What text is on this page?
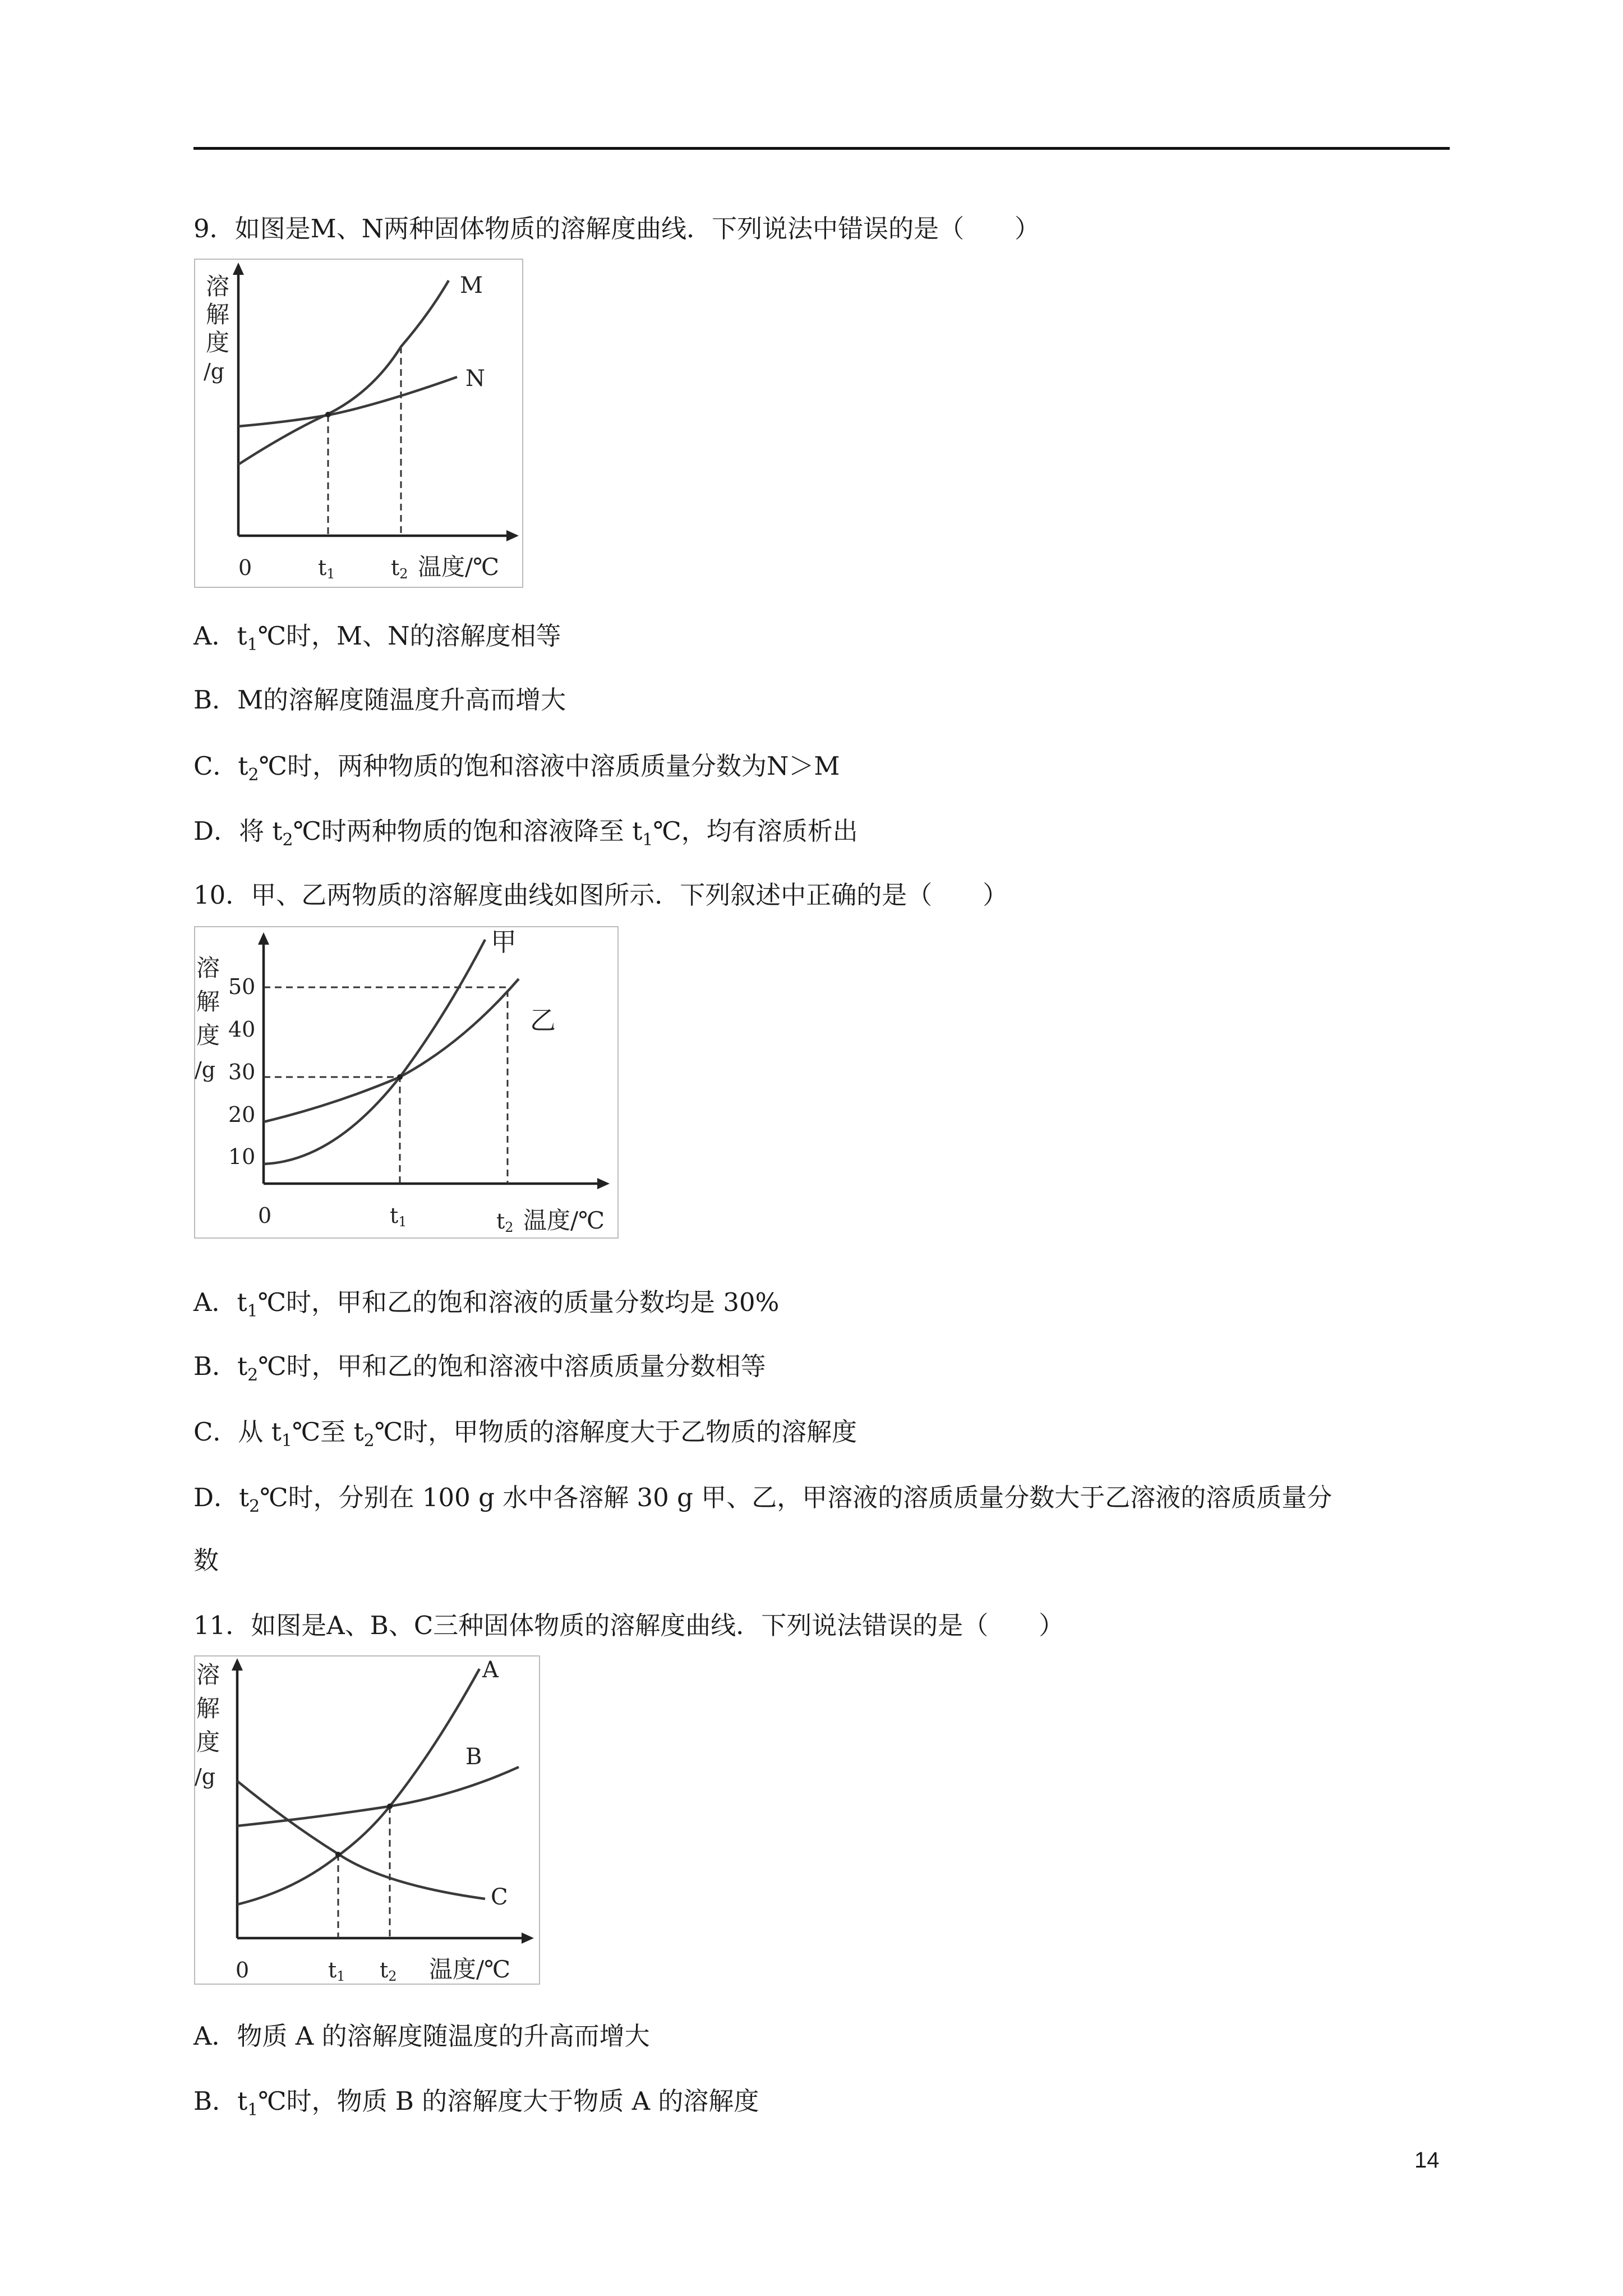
9．如图是M、N两种固体物质的溶解度曲线．下列说法中错误的是（　　）
溶
解
度
/g
M
N
0	t1	t2 温度/℃
A．$t_1℃$时，M、N的溶解度相等
B．M的溶解度随温度升高而增大
C．$t_2℃$时，两种物质的饱和溶液中溶质质量分数为N＞M
D．将 $t_2℃$时两种物质的饱和溶液降至 $t_1℃$，均有溶质析出
10．甲、乙两物质的溶解度曲线如图所示．下列叙述中正确的是（　　）
溶
解
度
/g
50
40
30
20
10
甲
乙
0	t1	t2 温度/℃
A．$t_1℃$时，甲和乙的饱和溶液的质量分数均是 30%
B．$t_2℃$时，甲和乙的饱和溶液中溶质质量分数相等
C．从 $t_1℃$至 $t_2℃$时，甲物质的溶解度大于乙物质的溶解度
D．$t_2℃$时，分别在 100 g 水中各溶解 30 g 甲、乙，甲溶液的溶质质量分数大于乙溶液的溶质质量分
数
11．如图是A、B、C三种固体物质的溶解度曲线．下列说法错误的是（　　）
溶
解
度
/g
A
B
C
0	t1 t2 温度/℃
A．物质 A 的溶解度随温度的升高而增大
B．$t_1℃$时，物质 B 的溶解度大于物质 A 的溶解度
14
